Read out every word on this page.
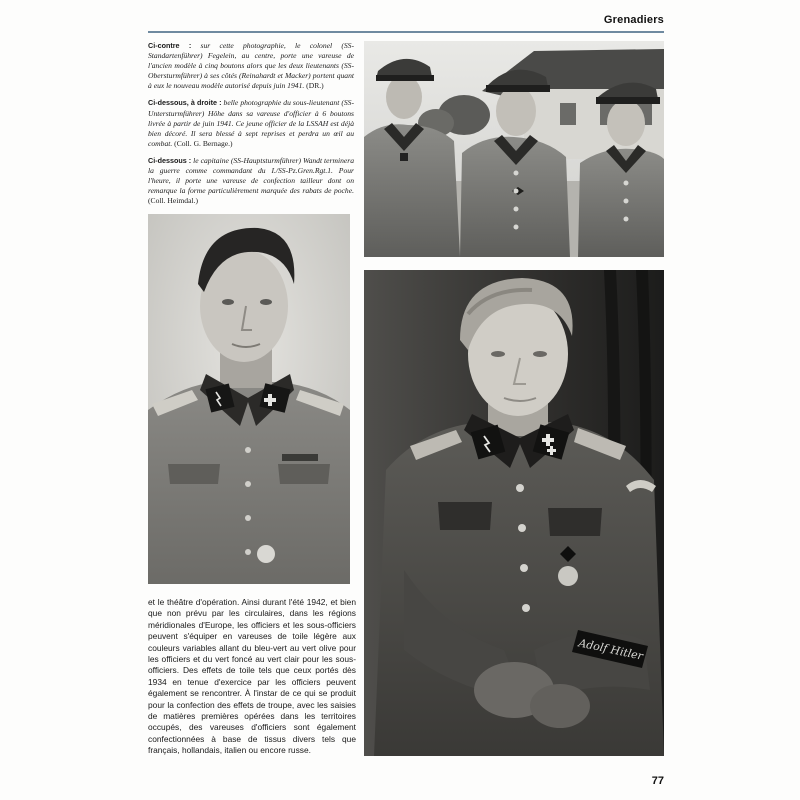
Grenadiers

Ci-contre : sur cette photographie, le colonel (SS-Standartenführer) Fegelein, au centre, porte une vareuse de l'ancien modèle à cinq boutons alors que les deux lieutenants (SS-Obersturmführer) à ses côtés (Reinahardt et Macker) portent quant à eux le nouveau modèle autorisé depuis juin 1941. (DR.)

Ci-dessous, à droite : belle photographie du sous-lieutenant (SS-Untersturmführer) Höhe dans sa vareuse d'officier à 6 boutons livrée à partir de juin 1941. Ce jeune officier de la LSSAH est déjà bien décoré. Il sera blessé à sept reprises et perdra un œil au combat. (Coll. G. Bernage.)

Ci-dessous : le capitaine (SS-Hauptsturmführer) Wandt terminera la guerre comme commandant du I./SS-Pz.Gren.Rgt.1. Pour l'heure, il porte une vareuse de confection tailleur dont on remarque la forme particulièrement marquée des rabats de poche. (Coll. Heimdal.)

Adolf Hitler

et le théâtre d'opération. Ainsi durant l'été 1942, et bien que non prévu par les circulaires, dans les régions méridionales d'Europe, les officiers et les sous-officiers peuvent s'équiper en vareuses de toile légère aux couleurs variables allant du bleu-vert au vert olive pour les officiers et du vert foncé au vert clair pour les sous-officiers. Des effets de toile tels que ceux portés dès 1934 en tenue d'exercice par les officiers peuvent également se rencontrer. À l'instar de ce qui se produit pour la confection des effets de troupe, avec les saisies de matières premières opérées dans les territoires occupés, des vareuses d'officiers sont également confectionnées à base de tissus divers tels que français, hollandais, italien ou encore russe.

77
